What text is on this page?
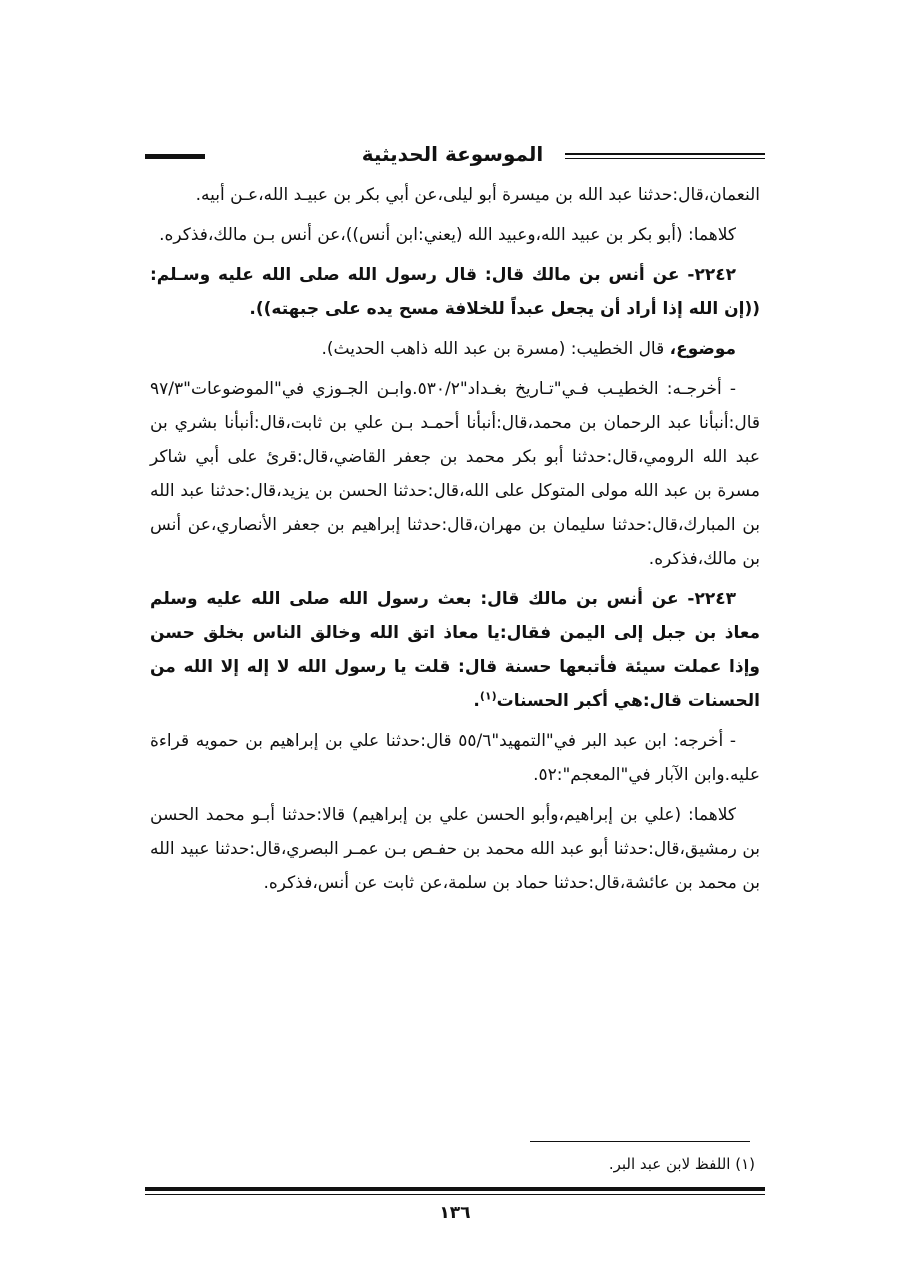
الموسوعة الحديثية

النعمان،قال:حدثنا عبد الله بن ميسرة أبو ليلى،عن أبي بكر بن عبيـد الله،عـن أبيه.

كلاهما: (أبو بكر بن عبيد الله،وعبيد الله (يعني:ابن أنس))،عن أنس بـن مالك،فذكره.

٢٢٤٢- عن أنس بن مالك قال: قال رسول الله صلى الله عليه وسـلم: ((إن الله إذا أراد أن يجعل عبداً للخلافة مسح يده على جبهته)).

موضوع، قال الخطيب: (مسرة بن عبد الله ذاهب الحديث).

- أخرجـه: الخطيـب فـي"تـاريخ بغـداد"٥٣٠/٢.وابـن الجـوزي في"الموضوعات"٩٧/٣ قال:أنبأنا عبد الرحمان بن محمد،قال:أنبأنا أحمـد بـن علي بن ثابت،قال:أنبأنا بشري بن عبد الله الرومي،قال:حدثنا أبو بكر محمد بن جعفر القاضي،قال:قرئ على أبي شاكر مسرة بن عبد الله مولى المتوكل على الله،قال:حدثنا الحسن بن يزيد،قال:حدثنا عبد الله بن المبارك،قال:حدثنا سليمان بن مهران،قال:حدثنا إبراهيم بن جعفر الأنصاري،عن أنس بن مالك،فذكره.

٢٢٤٣- عن أنس بن مالك قال: بعث رسول الله صلى الله عليه وسلم معاذ بن جبل إلى اليمن فقال:يا معاذ اتق الله وخالق الناس بخلق حسن وإذا عملت سيئة فأتبعها حسنة قال: قلت يا رسول الله لا إله إلا الله من الحسنات قال:هي أكبر الحسنات$^{(١)}$.

- أخرجه: ابن عبد البر في"التمهيد"٥٥/٦ قال:حدثنا علي بن إبراهيم بن حمويه قراءة عليه.وابن الآبار في"المعجم":٥٢.

كلاهما: (علي بن إبراهيم،وأبو الحسن علي بن إبراهيم) قالا:حدثنا أبـو محمد الحسن بن رمشيق،قال:حدثنا أبو عبد الله محمد بن حفـص بـن عمـر البصري،قال:حدثنا عبيد الله بن محمد بن عائشة،قال:حدثنا حماد بن سلمة،عن ثابت عن أنس،فذكره.

(١) اللفظ لابن عبد البر.
١٣٦
